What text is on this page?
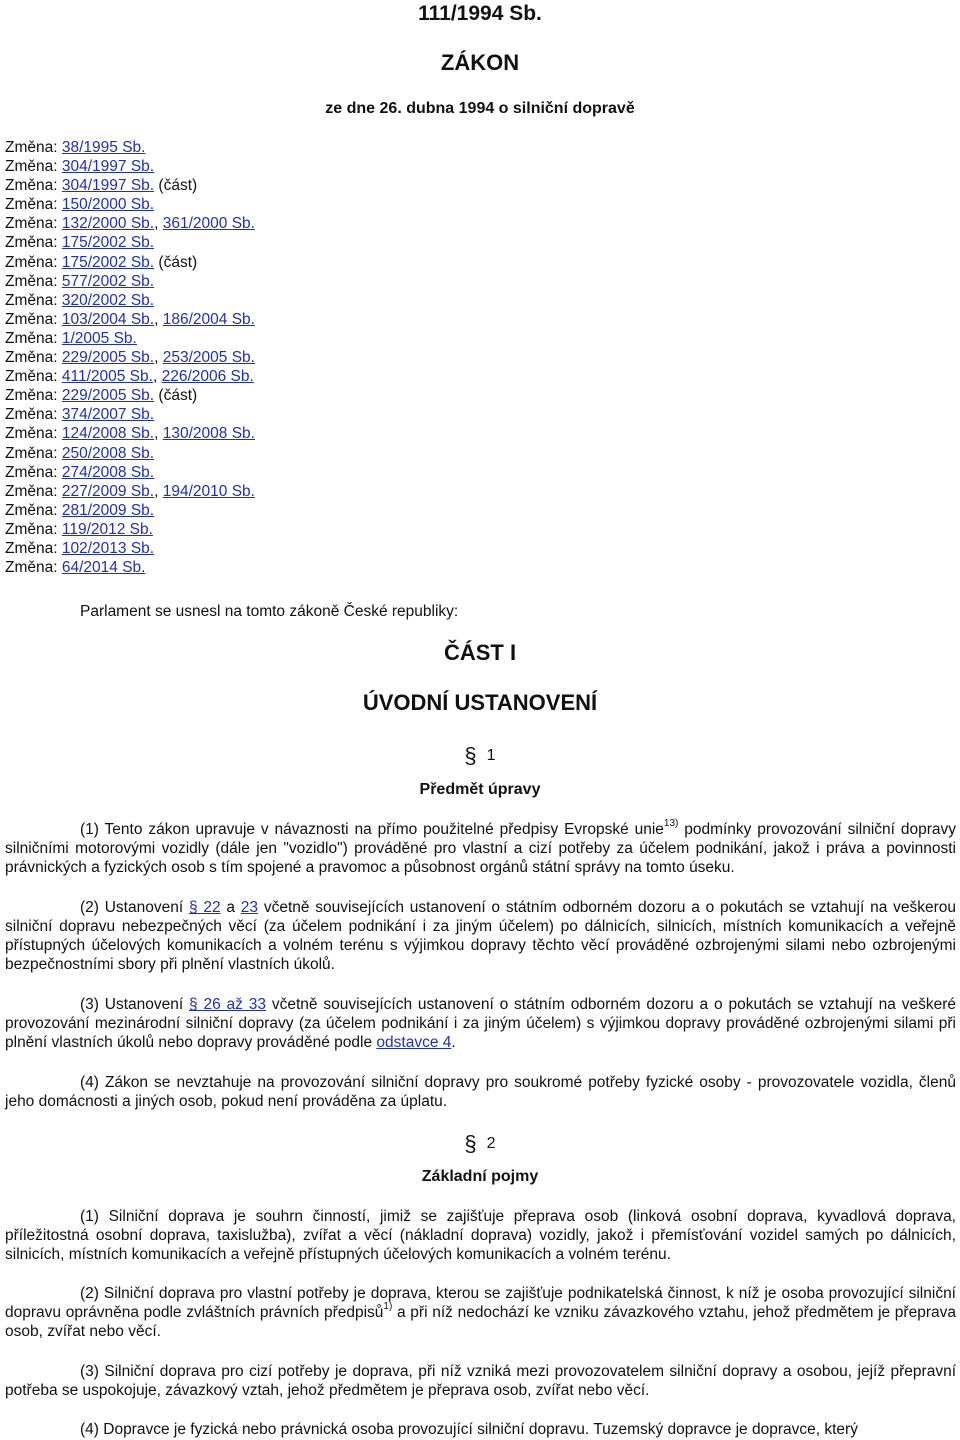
111/1994 Sb.
ZÁKON
ze dne 26. dubna 1994 o silniční dopravě
Změna: 38/1995 Sb.
Změna: 304/1997 Sb.
Změna: 304/1997 Sb. (část)
Změna: 150/2000 Sb.
Změna: 132/2000 Sb., 361/2000 Sb.
Změna: 175/2002 Sb.
Změna: 175/2002 Sb. (část)
Změna: 577/2002 Sb.
Změna: 320/2002 Sb.
Změna: 103/2004 Sb., 186/2004 Sb.
Změna: 1/2005 Sb.
Změna: 229/2005 Sb., 253/2005 Sb.
Změna: 411/2005 Sb., 226/2006 Sb.
Změna: 229/2005 Sb. (část)
Změna: 374/2007 Sb.
Změna: 124/2008 Sb., 130/2008 Sb.
Změna: 250/2008 Sb.
Změna: 274/2008 Sb.
Změna: 227/2009 Sb., 194/2010 Sb.
Změna: 281/2009 Sb.
Změna: 119/2012 Sb.
Změna: 102/2013 Sb.
Změna: 64/2014 Sb.
Parlament se usnesl na tomto zákoně České republiky:
ČÁST I
ÚVODNÍ USTANOVENÍ
§ 1
Předmět úpravy
(1) Tento zákon upravuje v návaznosti na přímo použitelné předpisy Evropské unie$^{13)}$ podmínky provozování silniční dopravy silničními motorovými vozidly (dále jen "vozidlo") prováděné pro vlastní a cizí potřeby za účelem podnikání, jakož i práva a povinnosti právnických a fyzických osob s tím spojené a pravomoc a působnost orgánů státní správy na tomto úseku.
(2) Ustanovení § 22 a 23 včetně souvisejících ustanovení o státním odborném dozoru a o pokutách se vztahují na veškerou silniční dopravu nebezpečných věcí (za účelem podnikání i za jiným účelem) po dálnicích, silnicích, místních komunikacích a veřejně přístupných účelových komunikacích a volném terénu s výjimkou dopravy těchto věcí prováděné ozbrojenými silami nebo ozbrojenými bezpečnostními sbory při plnění vlastních úkolů.
(3) Ustanovení § 26 až 33 včetně souvisejících ustanovení o státním odborném dozoru a o pokutách se vztahují na veškeré provozování mezinárodní silniční dopravy (za účelem podnikání i za jiným účelem) s výjimkou dopravy prováděné ozbrojenými silami při plnění vlastních úkolů nebo dopravy prováděné podle odstavce 4.
(4) Zákon se nevztahuje na provozování silniční dopravy pro soukromé potřeby fyzické osoby - provozovatele vozidla, členů jeho domácnosti a jiných osob, pokud není prováděna za úplatu.
§ 2
Základní pojmy
(1) Silniční doprava je souhrn činností, jimiž se zajišťuje přeprava osob (linková osobní doprava, kyvadlová doprava, příležitostná osobní doprava, taxislužba), zvířat a věcí (nákladní doprava) vozidly, jakož i přemísťování vozidel samých po dálnicích, silnicích, místních komunikacích a veřejně přístupných účelových komunikacích a volném terénu.
(2) Silniční doprava pro vlastní potřeby je doprava, kterou se zajišťuje podnikatelská činnost, k níž je osoba provozující silniční dopravu oprávněna podle zvláštních právních předpisů$^{1)}$ a při níž nedochází ke vzniku závazkového vztahu, jehož předmětem je přeprava osob, zvířat nebo věcí.
(3) Silniční doprava pro cizí potřeby je doprava, při níž vzniká mezi provozovatelem silniční dopravy a osobou, jejíž přepravní potřeba se uspokojuje, závazkový vztah, jehož předmětem je přeprava osob, zvířat nebo věcí.
(4) Dopravce je fyzická nebo právnická osoba provozující silniční dopravu. Tuzemský dopravce je dopravce, který
